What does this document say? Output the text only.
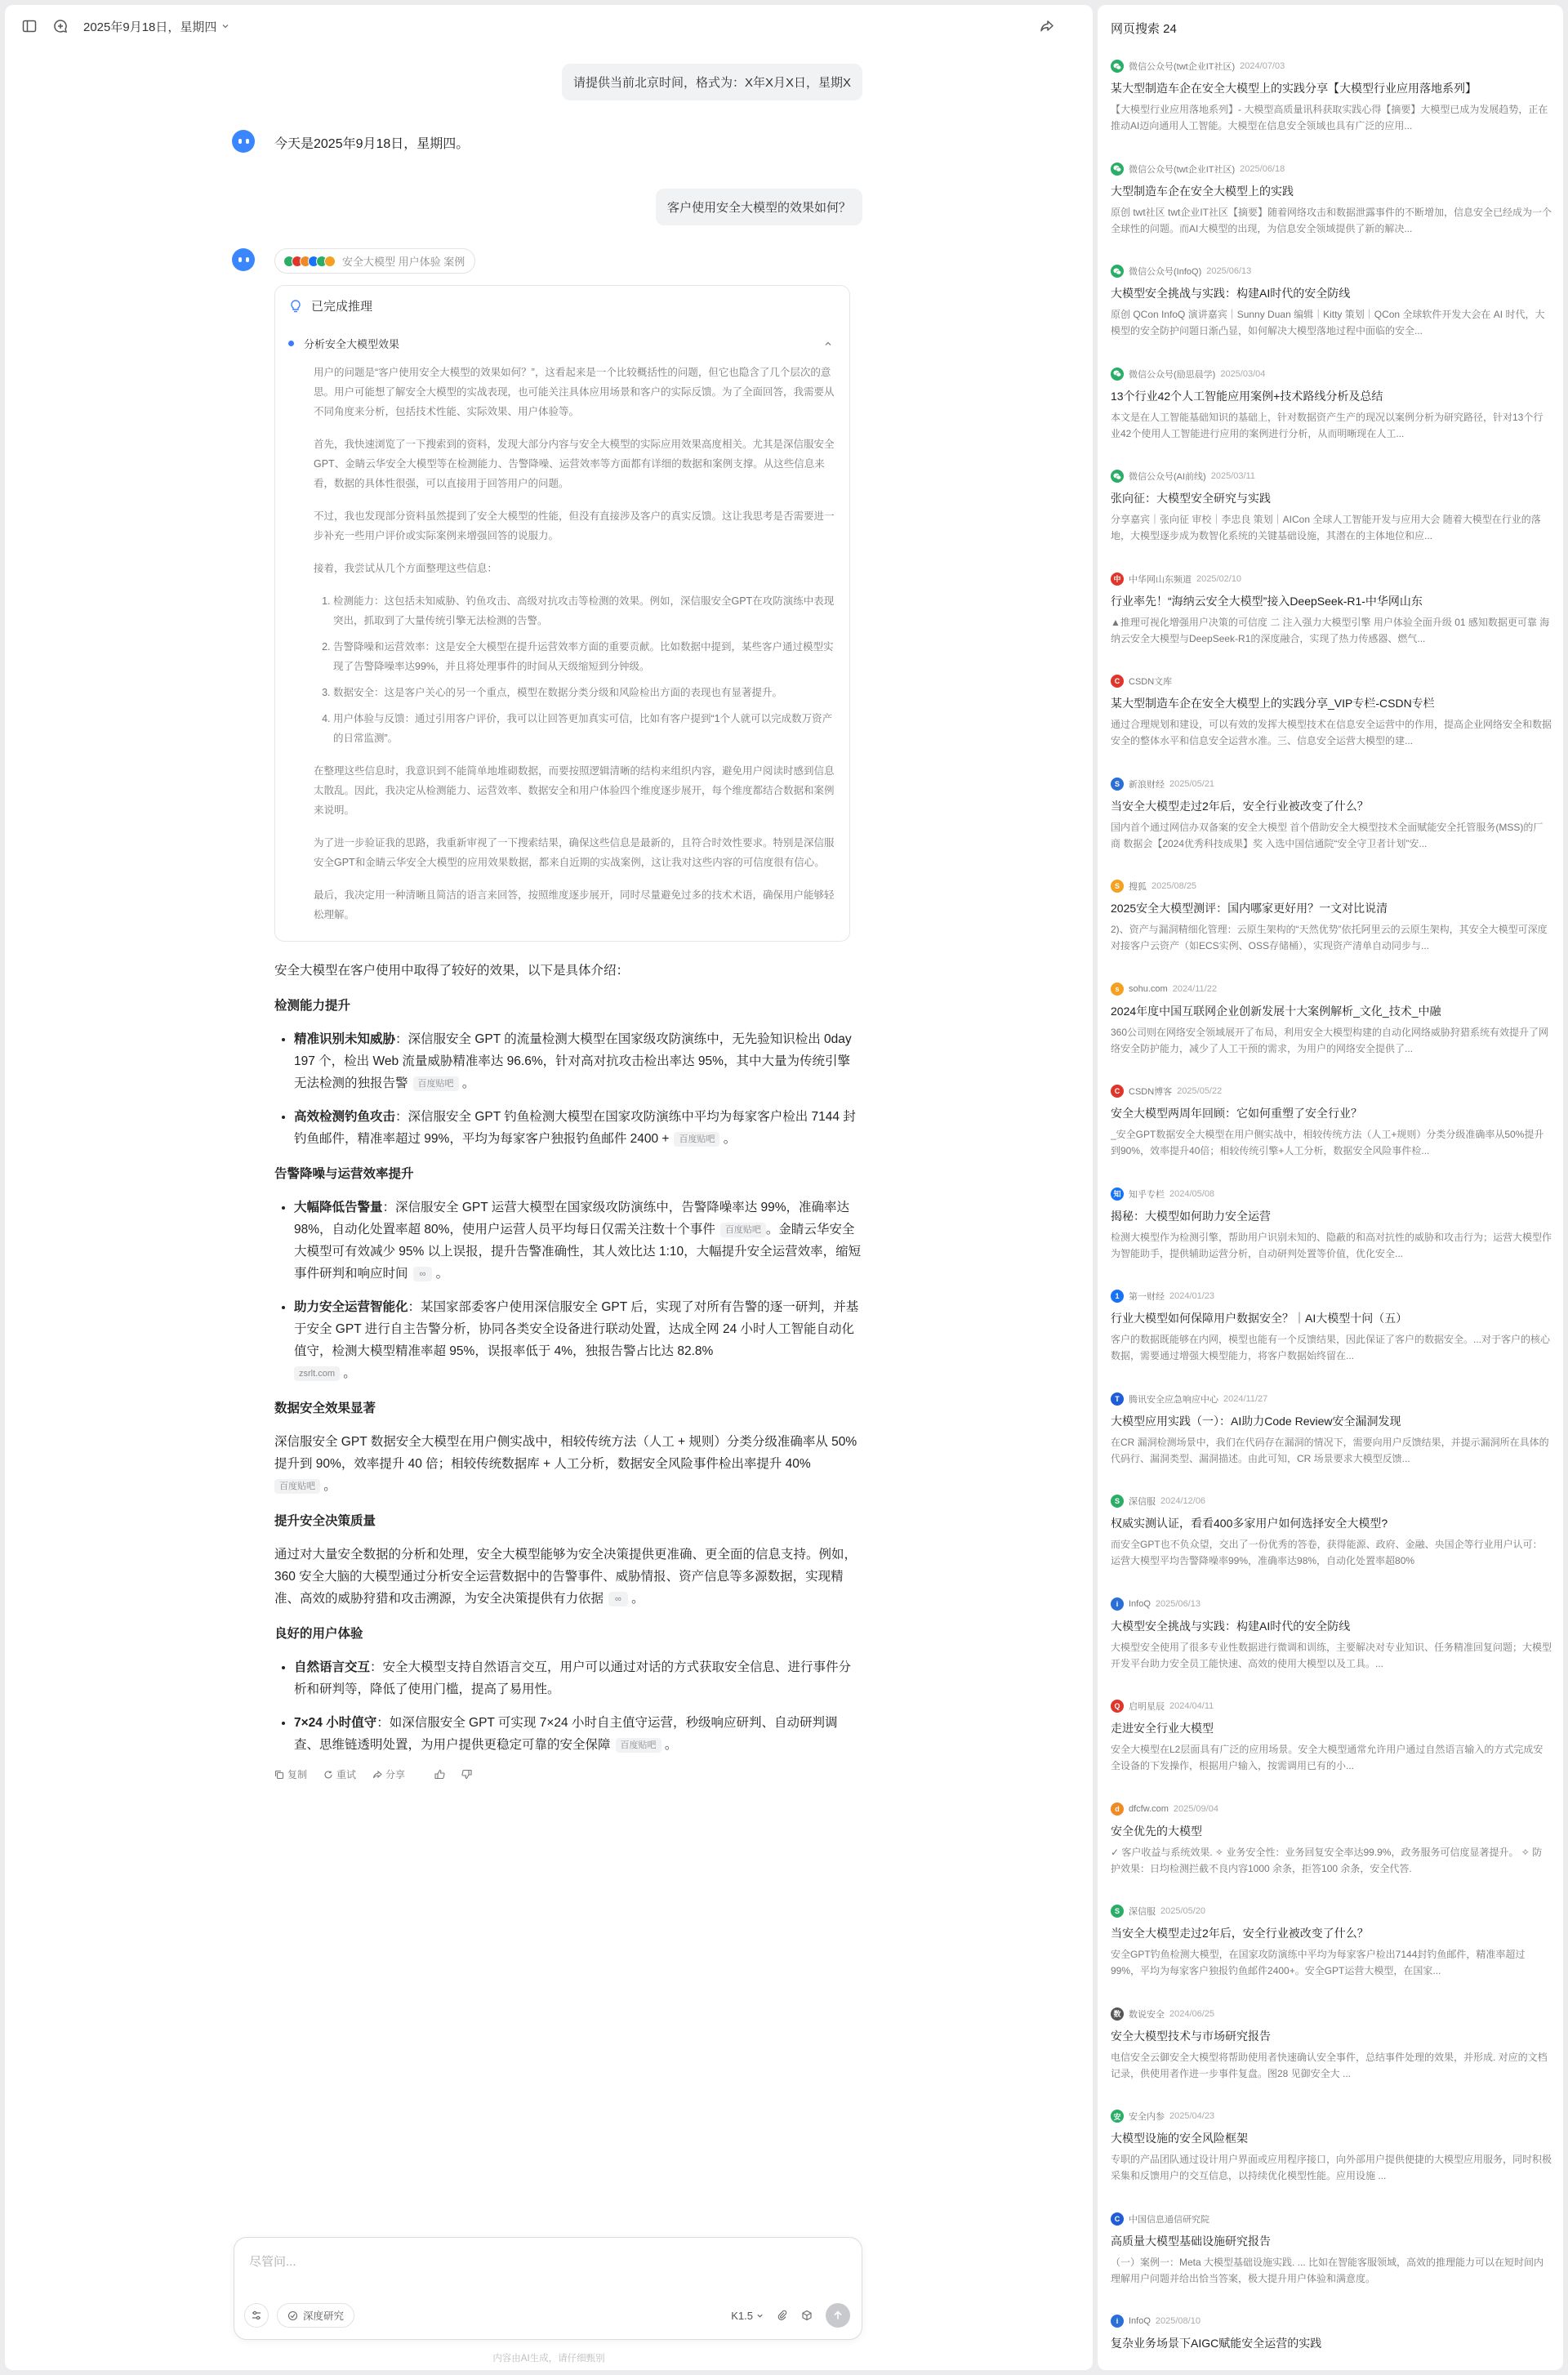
2025年9月18日，星期四
请提供当前北京时间，格式为：X年X月X日，星期X
今天是2025年9月18日，星期四。
客户使用安全大模型的效果如何？
安全大模型 用户体验 案例
已完成推理
分析安全大模型效果

用户的问题是“客户使用安全大模型的效果如何？”，这看起来是一个比较概括性的问题，但它也隐含了几个层次的意思。用户可能想了解安全大模型的实战表现，也可能关注具体应用场景和客户的实际反馈。为了全面回答，我需要从不同角度来分析，包括技术性能、实际效果、用户体验等。

首先，我快速浏览了一下搜索到的资料，发现大部分内容与安全大模型的实际应用效果高度相关。尤其是深信服安全GPT、金睛云华安全大模型等在检测能力、告警降噪、运营效率等方面都有详细的数据和案例支撑。从这些信息来看，数据的具体性很强，可以直接用于回答用户的问题。

不过，我也发现部分资料虽然提到了安全大模型的性能，但没有直接涉及客户的真实反馈。这让我思考是否需要进一步补充一些用户评价或实际案例来增强回答的说服力。

接着，我尝试从几个方面整理这些信息：

1. 检测能力：这包括未知威胁、钓鱼攻击、高级对抗攻击等检测的效果。例如，深信服安全GPT在攻防演练中表现突出，抓取到了大量传统引擎无法检测的告警。
2. 告警降噪和运营效率：这是安全大模型在提升运营效率方面的重要贡献。比如数据中提到，某些客户通过模型实现了告警降噪率达99%，并且将处理事件的时间从天级缩短到分钟级。
3. 数据安全：这是客户关心的另一个重点，模型在数据分类分级和风险检出方面的表现也有显著提升。
4. 用户体验与反馈：通过引用客户评价，我可以让回答更加真实可信，比如有客户提到“1个人就可以完成数万资产的日常监测”。

在整理这些信息时，我意识到不能简单地堆砌数据，而要按照逻辑清晰的结构来组织内容，避免用户阅读时感到信息太散乱。因此，我决定从检测能力、运营效率、数据安全和用户体验四个维度逐步展开，每个维度都结合数据和案例来说明。

为了进一步验证我的思路，我重新审视了一下搜索结果，确保这些信息是最新的，且符合时效性要求。特别是深信服安全GPT和金睛云华安全大模型的应用效果数据，都来自近期的实战案例，这让我对这些内容的可信度很有信心。

最后，我决定用一种清晰且简洁的语言来回答，按照维度逐步展开，同时尽量避免过多的技术术语，确保用户能够轻松理解。

安全大模型在客户使用中取得了较好的效果，以下是具体介绍：

检测能力提升
• 精准识别未知威胁：深信服安全 GPT 的流量检测大模型在国家级攻防演练中，无先验知识检出 0day 197 个，检出 Web 流量威胁精准率达 96.6%，针对高对抗攻击检出率达 95%，其中大量为传统引擎无法检测的独报告警 百度贴吧 。
• 高效检测钓鱼攻击：深信服安全 GPT 钓鱼检测大模型在国家攻防演练中平均为每家客户检出 7144 封钓鱼邮件，精准率超过 99%，平均为每家客户独报钓鱼邮件 2400 + 百度贴吧 。
告警降噪与运营效率提升
• 大幅降低告警量：深信服安全 GPT 运营大模型在国家级攻防演练中，告警降噪率达 99%，准确率达 98%，自动化处置率超 80%，使用户运营人员平均每日仅需关注数十个事件 百度贴吧 。金睛云华安全大模型可有效减少 95% 以上误报，提升告警准确性，其人效比达 1:10，大幅提升安全运营效率，缩短事件研判和响应时间 ∞ 。
• 助力安全运营智能化：某国家部委客户使用深信服安全 GPT 后，实现了对所有告警的逐一研判，并基于安全 GPT 进行自主告警分析，协同各类安全设备进行联动处置，达成全网 24 小时人工智能自动化值守，检测大模型精准率超 95%，误报率低于 4%，独报告警占比达 82.8%
zsrlt.com 。
数据安全效果显著

深信服安全 GPT 数据安全大模型在用户侧实战中，相较传统方法（人工 + 规则）分类分级准确率从 50% 提升到 90%，效率提升 40 倍；相较传统数据库 + 人工分析，数据安全风险事件检出率提升 40%
百度贴吧 。

提升安全决策质量

通过对大量安全数据的分析和处理，安全大模型能够为安全决策提供更准确、更全面的信息支持。例如，360 安全大脑的大模型通过分析安全运营数据中的告警事件、威胁情报、资产信息等多源数据，实现精准、高效的威胁狩猎和攻击溯源，为安全决策提供有力依据 ∞ 。

良好的用户体验
• 自然语言交互：安全大模型支持自然语言交互，用户可以通过对话的方式获取安全信息、进行事件分析和研判等，降低了使用门槛，提高了易用性。
• 7×24 小时值守：如深信服安全 GPT 可实现 7×24 小时自主值守运营，秒级响应研判、自动研判调查、思维链透明处置，为用户提供更稳定可靠的安全保障 百度贴吧 。
复制	重试	分享
尽管问...
深度研究	K1.5
内容由AI生成，请仔细甄别
网页搜索 24
微信公众号(twt企业IT社区) 2024/07/03
某大型制造车企在安全大模型上的实践分享【大模型行业应用落地系列】
【大模型行业应用落地系列】- 大模型高质量讯科获取实践心得【摘要】大模型已成为发展趋势，正在推动AI迈向通用人工智能。大模型在信息安全领域也具有广泛的应用...
微信公众号(twt企业IT社区) 2025/06/18
大型制造车企在安全大模型上的实践
原创 twt社区 twt企业IT社区【摘要】随着网络攻击和数据泄露事件的不断增加，信息安全已经成为一个全球性的问题。而AI大模型的出现，为信息安全领域提供了新的解决...
微信公众号(InfoQ) 2025/06/13
大模型安全挑战与实践：构建AI时代的安全防线
原创 QCon InfoQ 演讲嘉宾｜Sunny Duan 编辑｜Kitty 策划｜QCon 全球软件开发大会在 AI 时代，大模型的安全防护问题日渐凸显，如何解决大模型落地过程中面临的安全...
微信公众号(励思晨学) 2025/03/04
13个行业42个人工智能应用案例+技术路线分析及总结
本文是在人工智能基础知识的基础上，针对数据资产生产的现况以案例分析为研究路径，针对13个行业42个使用人工智能进行应用的案例进行分析，从而明晰现在人工...
微信公众号(AI前线) 2025/03/11
张向征：大模型安全研究与实践
分享嘉宾｜张向征 审校｜李忠良 策划｜AICon 全球人工智能开发与应用大会 随着大模型在行业的落地，大模型逐步成为数智化系统的关键基础设施，其潜在的主体地位和应...
中 中华网山东频道 2025/02/10
行业率先！“海纳云安全大模型”接入DeepSeek-R1-中华网山东
▲推理可视化增强用户决策的可信度 二 注入强力大模型引擎 用户体验全面升级 01 感知数据更可靠 海纳云安全大模型与DeepSeek-R1的深度融合，实现了热力传感器、燃气...
C CSDN文库
某大型制造车企在安全大模型上的实践分享_VIP专栏-CSDN专栏
通过合理规划和建设，可以有效的发挥大模型技术在信息安全运营中的作用，提高企业网络安全和数据安全的整体水平和信息安全运营水准。三、信息安全运营大模型的建...
S	新浪财经 2025/05/21
当安全大模型走过2年后，安全行业被改变了什么？
国内首个通过网信办双备案的安全大模型 首个借助安全大模型技术全面赋能安全托管服务(MSS)的厂商 数据会【2024优秀科技成果】奖 入选中国信通院“安全守卫者计划”安...
S	搜狐 2025/08/25
2025安全大模型测评：国内哪家更好用？一文对比说清
2)、资产与漏洞精细化管理：云原生架构的“天然优势”依托阿里云的云原生架构，其安全大模型可深度对接客户云资产（如ECS实例、OSS存储桶），实现资产清单自动同步与...
s	sohu.com 2024/11/22
2024年度中国互联网企业创新发展十大案例解析_文化_技术_中融
360公司则在网络安全领域展开了布局，利用安全大模型构建的自动化网络威胁狩猎系统有效提升了网络安全防护能力，减少了人工干预的需求，为用户的网络安全提供了...
C CSDN博客 2025/05/22
安全大模型两周年回顾：它如何重塑了安全行业？
_安全GPT数据安全大模型在用户侧实战中，相较传统方法（人工+规则）分类分级准确率从50%提升到90%，效率提升40倍；相较传统引擎+人工分析，数据安全风险事件检...
知 知乎专栏 2024/05/08
揭秘：大模型如何助力安全运营
检测大模型作为检测引擎，帮助用户识别未知的、隐蔽的和高对抗性的威胁和攻击行为；运营大模型作为智能助手，提供辅助运营分析，自动研判处置等价值，优化安全...
1	第一财经 2024/01/23
行业大模型如何保障用户数据安全？｜AI大模型十问（五）
客户的数据既能够在内网，模型也能有一个反馈结果，因此保证了客户的数据安全。...对于客户的核心数据，需要通过增强大模型能力，将客户数据始终留在...
T	腾讯安全应急响应中心 2024/11/27
大模型应用实践（一）：AI助力Code Review安全漏洞发现
在CR 漏洞检测场景中，我们在代码存在漏洞的情况下，需要向用户反馈结果，并提示漏洞所在具体的代码行、漏洞类型、漏洞描述。由此可知，CR 场景要求大模型反馈...
S	深信服 2024/12/06
权威实测认证，看看400多家用户如何选择安全大模型?
而安全GPT也不负众望，交出了一份优秀的答卷，获得能源、政府、金融、央国企等行业用户认可：运营大模型平均告警降噪率99%，准确率达98%，自动化处置率超80%
i	InfoQ 2025/06/13
大模型安全挑战与实践：构建AI时代的安全防线
大模型安全使用了很多专业性数据进行微调和训练，主要解决对专业知识、任务精准回复问题；大模型开发平台助力安全员工能快速、高效的使用大模型以及工具。...
Q 启明星辰 2024/04/11
走进安全行业大模型
安全大模型在L2层面具有广泛的应用场景。安全大模型通常允许用户通过自然语言输入的方式完成安全设备的下发操作，根据用户输入，按需调用已有的小...
d	dfcfw.com 2025/09/04
安全优先的大模型
✓ 客户收益与系统效果. ✧ 业务安全性：业务回复安全率达99.9%，政务服务可信度显著提升。 ✧ 防护效果：日均检测拦截不良内容1000 余条，拒答100 余条，安全代答.
S	深信服 2025/05/20
当安全大模型走过2年后，安全行业被改变了什么？
安全GPT钓鱼检测大模型，在国家攻防演练中平均为每家客户检出7144封钓鱼邮件，精准率超过99%，平均为每家客户独报钓鱼邮件2400+。安全GPT运营大模型，在国家...
数 数说安全 2024/06/25
安全大模型技术与市场研究报告
电信安全云御安全大模型将帮助使用者快速确认安全事件，总结事件处理的效果，并形成. 对应的文档记录，供使用者作进一步事件复盘。图28 见御安全大 ...
安 安全内参 2025/04/23
大模型设施的安全风险框架
专职的产品团队通过设计用户界面或应用程序接口，向外部用户提供便捷的大模型应用服务，同时积极采集和反馈用户的交互信息，以持续优化模型性能。应用设施 ...
C 中国信息通信研究院
高质量大模型基础设施研究报告
（一）案例一：Meta 大模型基础设施实践. ... 比如在智能客服领域，高效的推理能力可以在短时间内理解用户问题并给出恰当答案，极大提升用户体验和满意度。
i	InfoQ 2025/08/10
复杂业务场景下AIGC赋能安全运营的实践
